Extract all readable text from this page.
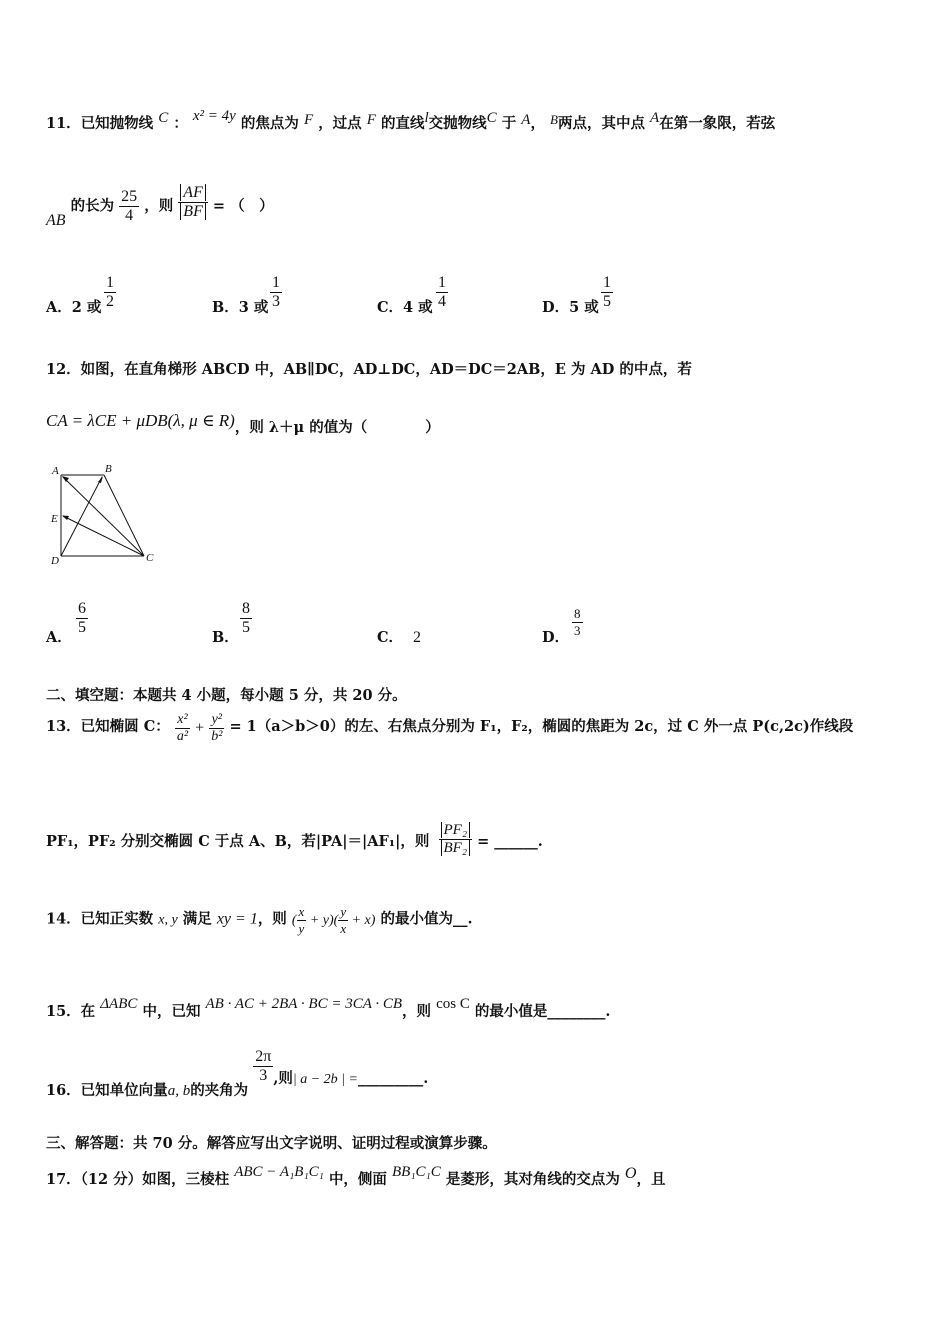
11．已知抛物线 C ： x² = 4y 的焦点为 F ，过点 F 的直线l交抛物线C 于 A， B两点，其中点 A在第一象限，若弦
AB 的长为 $\frac{25}{4}$ ，则 $\frac{AF}{BF}$ = （　）
A．2 或 $\frac{1}{2}$	B．3 或 $\frac{1}{3}$	C．4 或 $\frac{1}{4}$	D．5 或 $\frac{1}{5}$
12．如图，在直角梯形 ABCD 中，AB∥DC，AD⊥DC，AD＝DC＝2AB，E 为 AD 的中点，若
CA = λCE + μDB(λ, μ ∈ R)，则 λ＋μ 的值为（　　　　）
A	B
E
D	C
A．
$\frac{6}{5}$
B．
$\frac{8}{5}$
C． 2	D． $\frac{8}{3}$
二、填空题：本题共 4 小题，每小题 5 分，共 20 分。
13．已知椭圆 C： $\frac{\text{x²}}{\text{a²}} + \frac{\text{y²}}{\text{b²}} = 1(a>b>0)$的左、右焦点分别为 F₁，F₂，椭圆的焦距为 2c，过 C 外一点 P(c,2c)作线段
PF₁，PF₂ 分别交椭圆 C 于点 A、B，若|PA|＝|AF₁|，则 $\frac{\text{PF₂}}{\text{BF₂}}$ = ______.
14．已知正实数 x, y 满足 xy = 1，则 ( $\frac{x}{y} + y)( \frac{y}{x} + x)$ 的最小值为__.
15．在 ΔABC 中，已知 AB · AC + 2BA · BC = 3CA · CB，则 cos C 的最小值是________.
16．已知单位向量a, b的夹角为
$\frac{2\pi}{3}$ ,则| a − 2b | =_________.
三、解答题：共 70 分。解答应写出文字说明、证明过程或演算步骤。
17．（12 分）如图，三棱柱 ABC − A₁B₁C₁ 中，侧面 BB₁C₁C 是菱形，其对角线的交点为 O，且
